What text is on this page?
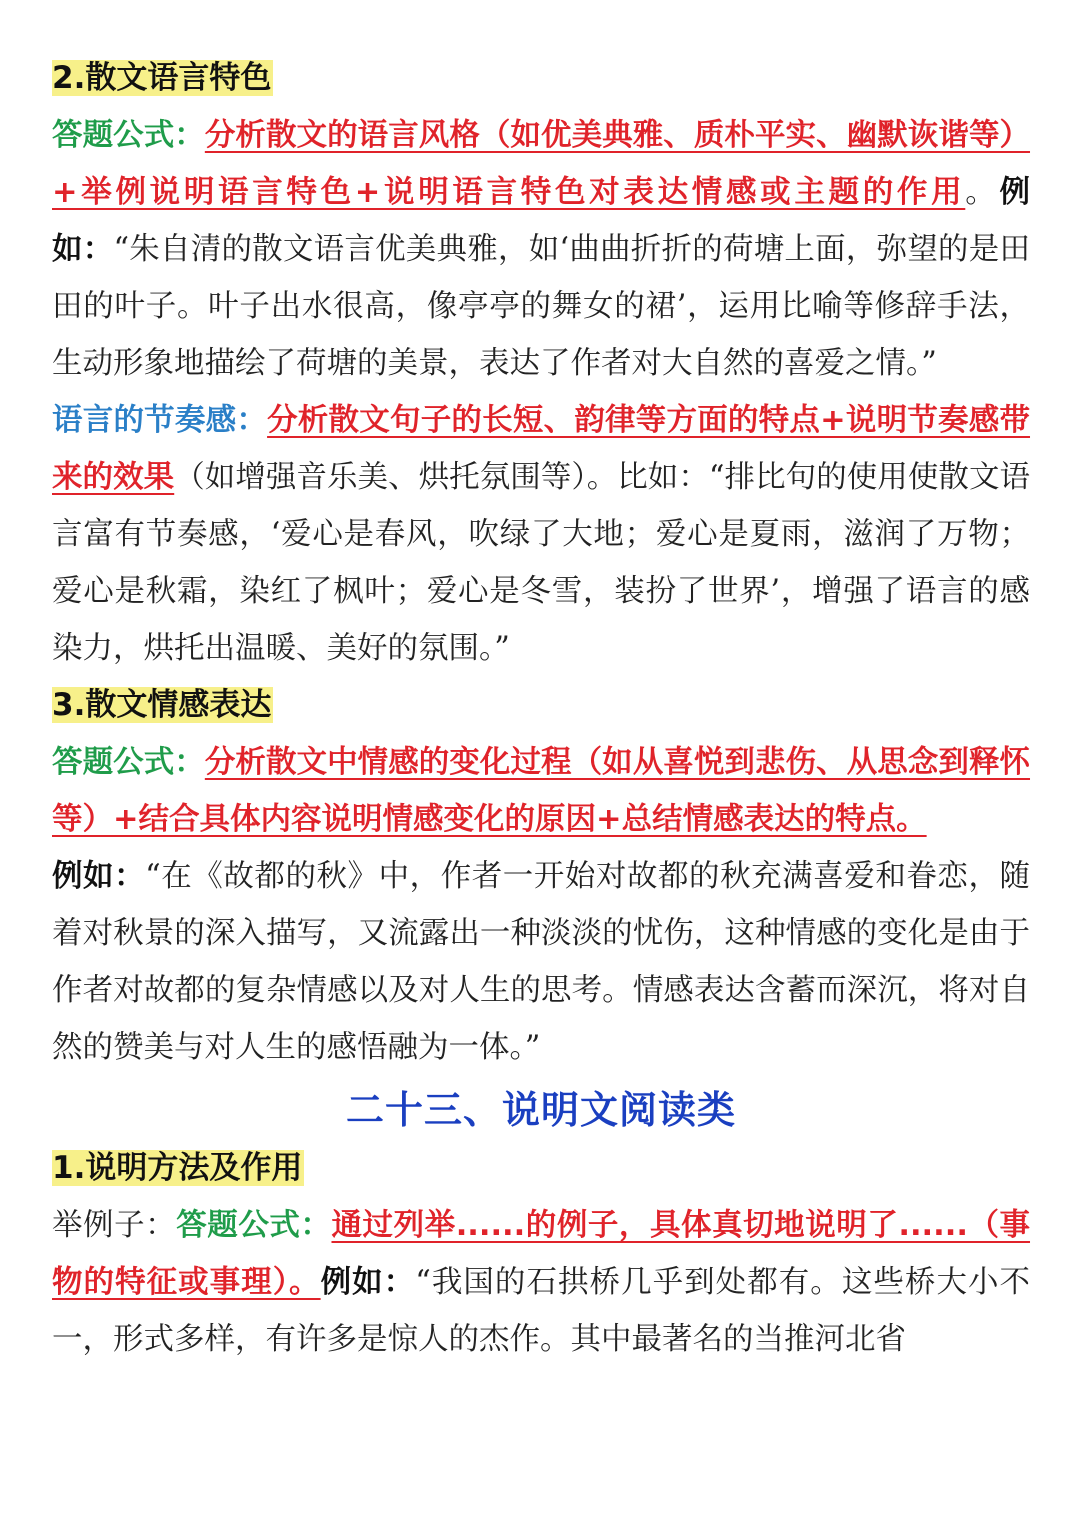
2.散文语言特色

答题公式：分析散文的语言风格（如优美典雅、质朴平实、幽默诙谐等）+举例说明语言特色+说明语言特色对表达情感或主题的作用。例如：“朱自清的散文语言优美典雅，如‘曲曲折折的荷塘上面，弥望的是田田的叶子。叶子出水很高，像亭亭的舞女的裙’，运用比喻等修辞手法，生动形象地描绘了荷塘的美景，表达了作者对大自然的喜爱之情。”

语言的节奏感：分析散文句子的长短、韵律等方面的特点+说明节奏感带来的效果（如增强音乐美、烘托氛围等）。比如：“排比句的使用使散文语言富有节奏感，‘爱心是春风，吹绿了大地；爱心是夏雨，滋润了万物；爱心是秋霜，染红了枫叶；爱心是冬雪，装扮了世界’，增强了语言的感染力，烘托出温暖、美好的氛围。”

3.散文情感表达

答题公式：分析散文中情感的变化过程（如从喜悦到悲伤、从思念到释怀等）+结合具体内容说明情感变化的原因+总结情感表达的特点。

例如：“在《故都的秋》中，作者一开始对故都的秋充满喜爱和眷恋，随着对秋景的深入描写，又流露出一种淡淡的忧伤，这种情感的变化是由于作者对故都的复杂情感以及对人生的思考。情感表达含蓄而深沉，将对自然的赞美与对人生的感悟融为一体。”

二十三、说明文阅读类

1.说明方法及作用

举例子：答题公式：通过列举......的例子，具体真切地说明了......（事物的特征或事理）。例如：“我国的石拱桥几乎到处都有。这些桥大小不一，形式多样，有许多是惊人的杰作。其中最著名的当推河北省
